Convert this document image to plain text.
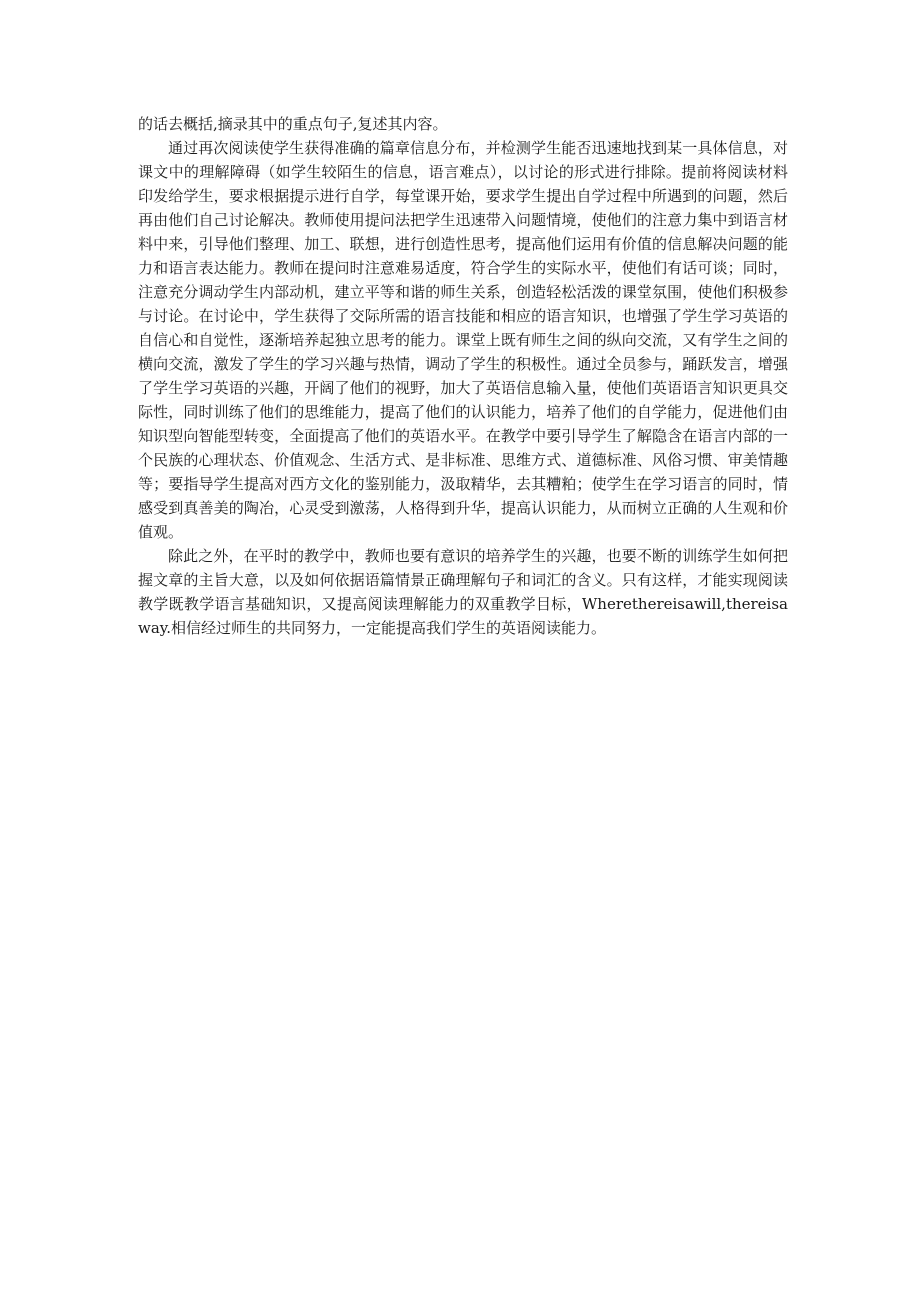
的话去概括,摘录其中的重点句子,复述其内容。

通过再次阅读使学生获得准确的篇章信息分布，并检测学生能否迅速地找到某一具体信息，对课文中的理解障碍（如学生较陌生的信息，语言难点），以讨论的形式进行排除。提前将阅读材料印发给学生，要求根据提示进行自学，每堂课开始，要求学生提出自学过程中所遇到的问题，然后再由他们自己讨论解决。教师使用提问法把学生迅速带入问题情境，使他们的注意力集中到语言材料中来，引导他们整理、加工、联想，进行创造性思考，提高他们运用有价值的信息解决问题的能力和语言表达能力。教师在提问时注意难易适度，符合学生的实际水平，使他们有话可谈；同时，注意充分调动学生内部动机，建立平等和谐的师生关系，创造轻松活泼的课堂氛围，使他们积极参与讨论。在讨论中，学生获得了交际所需的语言技能和相应的语言知识，也增强了学生学习英语的自信心和自觉性，逐渐培养起独立思考的能力。课堂上既有师生之间的纵向交流，又有学生之间的横向交流，激发了学生的学习兴趣与热情，调动了学生的积极性。通过全员参与，踊跃发言，增强了学生学习英语的兴趣，开阔了他们的视野，加大了英语信息输入量，使他们英语语言知识更具交际性，同时训练了他们的思维能力，提高了他们的认识能力，培养了他们的自学能力，促进他们由知识型向智能型转变，全面提高了他们的英语水平。在教学中要引导学生了解隐含在语言内部的一个民族的心理状态、价值观念、生活方式、是非标准、思维方式、道德标准、风俗习惯、审美情趣等；要指导学生提高对西方文化的鉴别能力，汲取精华，去其糟粕；使学生在学习语言的同时，情感受到真善美的陶冶，心灵受到激荡，人格得到升华，提高认识能力，从而树立正确的人生观和价值观。

除此之外，在平时的教学中，教师也要有意识的培养学生的兴趣，也要不断的训练学生如何把握文章的主旨大意，以及如何依据语篇情景正确理解句子和词汇的含义。只有这样，才能实现阅读教学既教学语言基础知识，又提高阅读理解能力的双重教学目标，Wherethereisawill,thereisaway.相信经过师生的共同努力，一定能提高我们学生的英语阅读能力。
